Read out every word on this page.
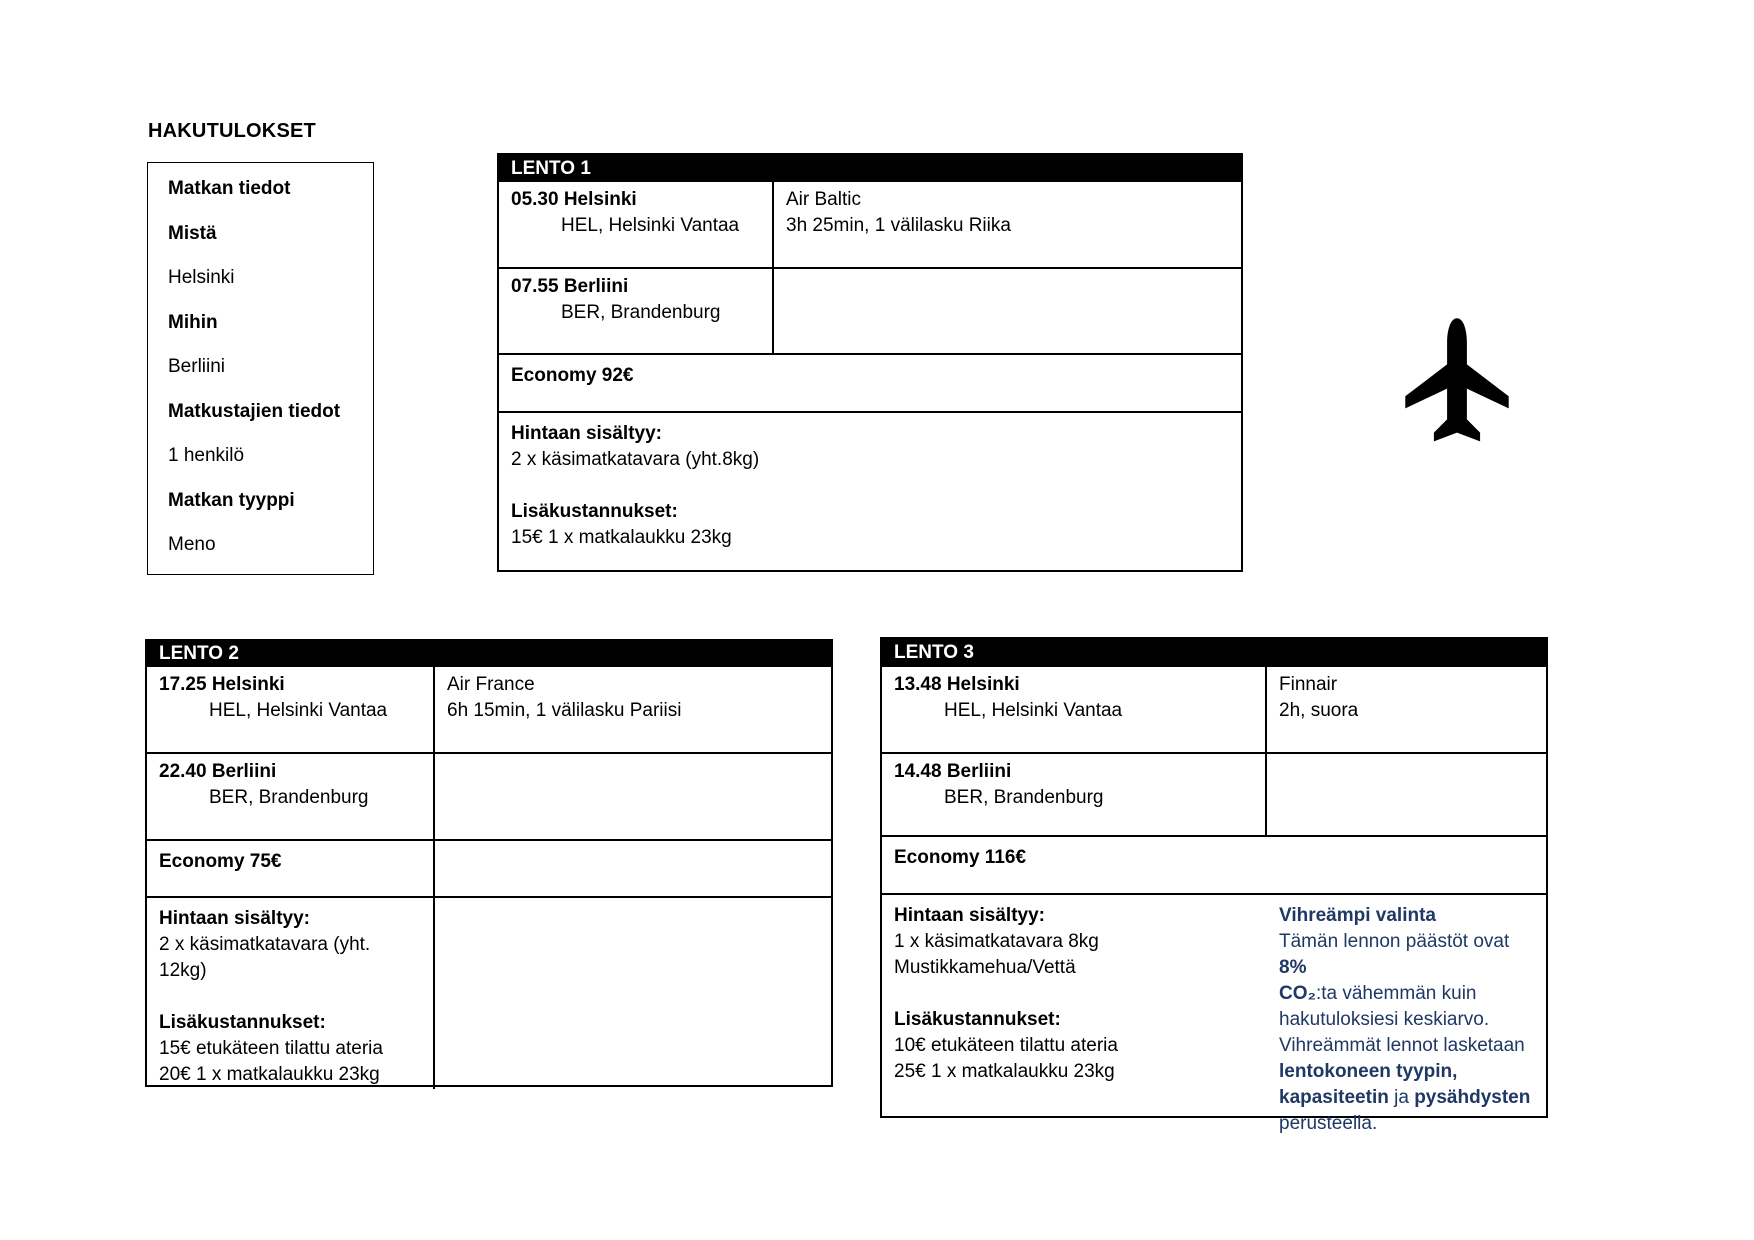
HAKUTULOKSET
Matkan tiedot
Mistä
Helsinki
Mihin
Berliini
Matkustajien tiedot
1 henkilö
Matkan tyyppi
Meno
LENTO 1
05.30 Helsinki
HEL, Helsinki Vantaa
Air Baltic
3h 25min, 1 välilasku Riika
07.55 Berliini
BER, Brandenburg
Economy 92€
Hintaan sisältyy:
2 x käsimatkatavara (yht.8kg)
Lisäkustannukset:
15€ 1 x matkalaukku 23kg
LENTO 2
17.25 Helsinki
HEL, Helsinki Vantaa
Air France
6h 15min, 1 välilasku Pariisi
22.40 Berliini
BER, Brandenburg
Economy 75€
Hintaan sisältyy:
2 x käsimatkatavara (yht. 12kg)
Lisäkustannukset:
15€ etukäteen tilattu ateria
20€ 1 x matkalaukku 23kg
LENTO 3
13.48 Helsinki
HEL, Helsinki Vantaa
Finnair
2h, suora
14.48 Berliini
BER, Brandenburg
Economy 116€
Hintaan sisältyy:
1 x käsimatkatavara 8kg
Mustikkamehua/Vettä
Lisäkustannukset:
10€ etukäteen tilattu ateria
25€ 1 x matkalaukku 23kg
Vihreämpi valinta
Tämän lennon päästöt ovat 8%
CO₂:ta vähemmän kuin
hakutuloksiesi keskiarvo.
Vihreämmät lennot lasketaan
lentokoneen tyypin,
kapasiteetin ja pysähdysten
perusteella.
